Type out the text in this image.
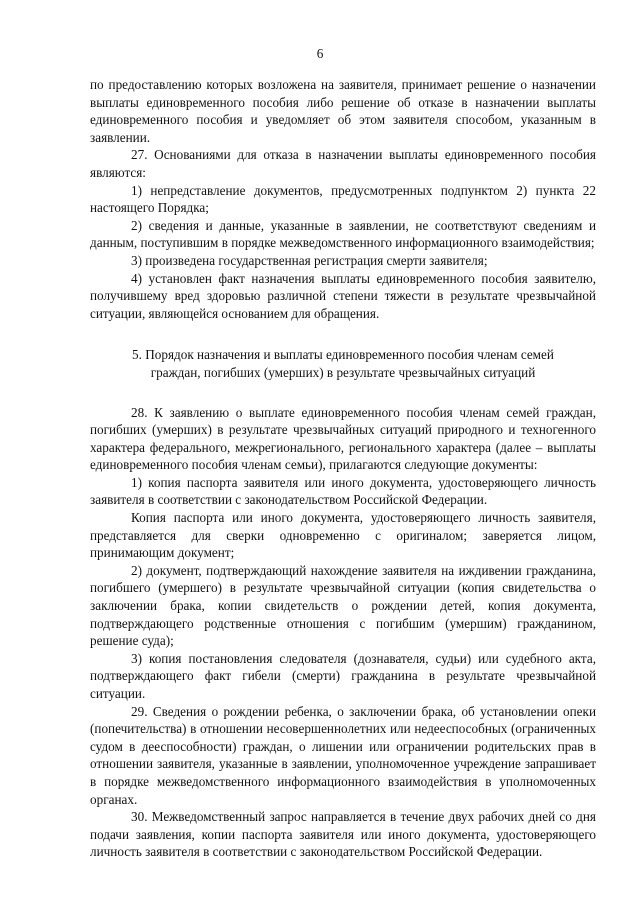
6

по предоставлению которых возложена на заявителя, принимает решение о назначении выплаты единовременного пособия либо решение об отказе в назначении выплаты единовременного пособия и уведомляет об этом заявителя способом, указанным в заявлении.

27. Основаниями для отказа в назначении выплаты единовременного пособия являются:

1) непредставление документов, предусмотренных подпунктом 2) пункта 22 настоящего Порядка;

2) сведения и данные, указанные в заявлении, не соответствуют сведениям и данным, поступившим в порядке межведомственного информационного взаимодействия;

3) произведена государственная регистрация смерти заявителя;

4) установлен факт назначения выплаты единовременного пособия заявителю, получившему вред здоровью различной степени тяжести в результате чрезвычайной ситуации, являющейся основанием для обращения.

5. Порядок назначения и выплаты единовременного пособия членам семей
граждан, погибших (умерших) в результате чрезвычайных ситуаций

28. К заявлению о выплате единовременного пособия членам семей граждан, погибших (умерших) в результате чрезвычайных ситуаций природного и техногенного характера федерального, межрегионального, регионального характера (далее – выплаты единовременного пособия членам семьи), прилагаются следующие документы:

1) копия паспорта заявителя или иного документа, удостоверяющего личность заявителя в соответствии с законодательством Российской Федерации.

Копия паспорта или иного документа, удостоверяющего личность заявителя, представляется для сверки одновременно с оригиналом; заверяется лицом, принимающим документ;

2) документ, подтверждающий нахождение заявителя на иждивении гражданина, погибшего (умершего) в результате чрезвычайной ситуации (копия свидетельства о заключении брака, копии свидетельств о рождении детей, копия документа, подтверждающего родственные отношения с погибшим (умершим) гражданином, решение суда);

3) копия постановления следователя (дознавателя, судьи) или судебного акта, подтверждающего факт гибели (смерти) гражданина в результате чрезвычайной ситуации.

29. Сведения о рождении ребенка, о заключении брака, об установлении опеки (попечительства) в отношении несовершеннолетних или недееспособных (ограниченных судом в дееспособности) граждан, о лишении или ограничении родительских прав в отношении заявителя, указанные в заявлении, уполномоченное учреждение запрашивает в порядке межведомственного информационного взаимодействия в уполномоченных органах.

30. Межведомственный запрос направляется в течение двух рабочих дней со дня подачи заявления, копии паспорта заявителя или иного документа, удостоверяющего личность заявителя в соответствии с законодательством Российской Федерации.
